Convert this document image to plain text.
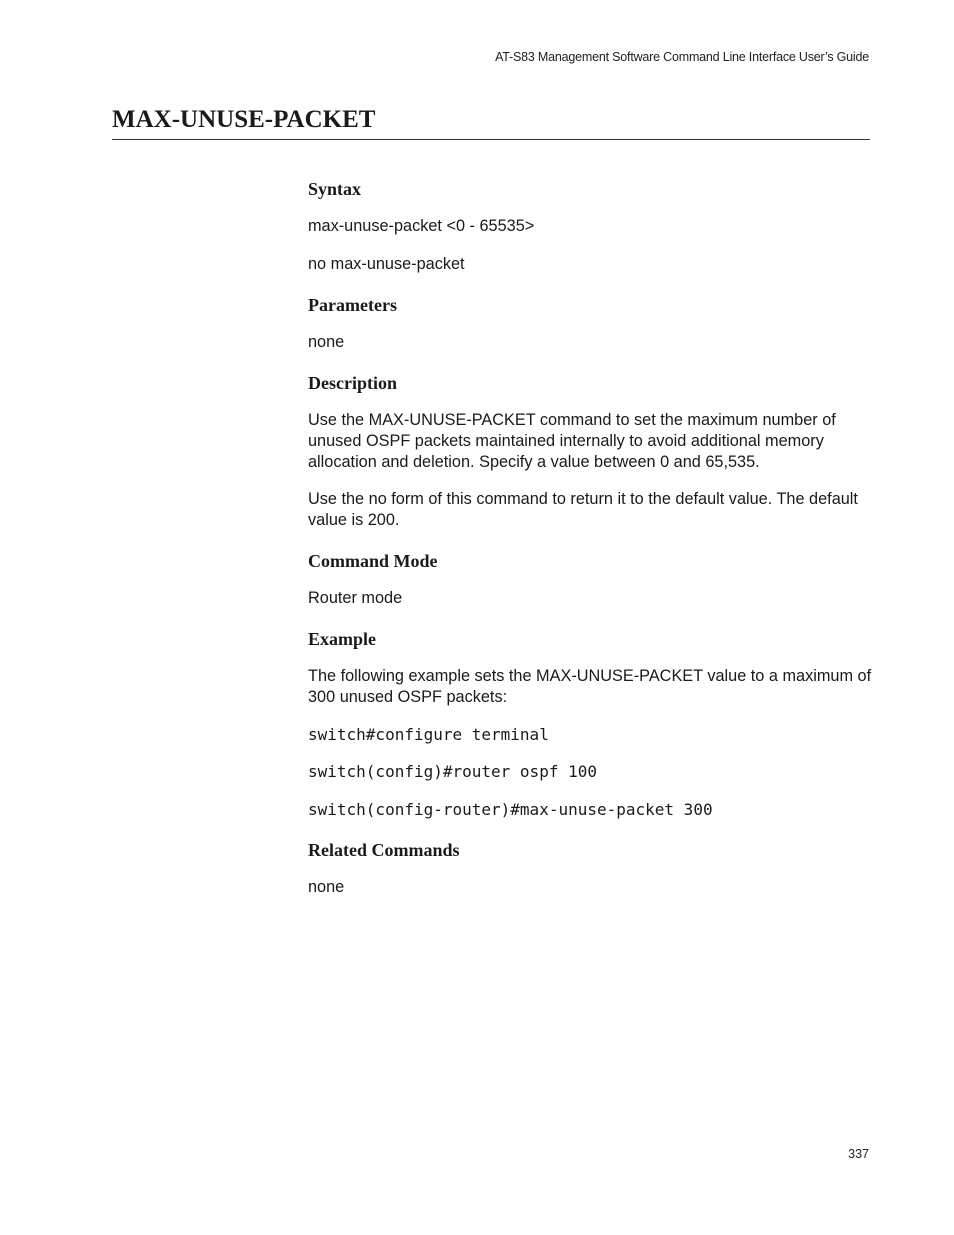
AT-S83 Management Software Command Line Interface User’s Guide
MAX-UNUSE-PACKET
Syntax

max-unuse-packet <0 - 65535>

no max-unuse-packet

Parameters

none

Description

Use the MAX-UNUSE-PACKET command to set the maximum number of unused OSPF packets maintained internally to avoid additional memory allocation and deletion. Specify a value between 0 and 65,535.

Use the no form of this command to return it to the default value. The default value is 200.

Command Mode

Router mode

Example

The following example sets the MAX-UNUSE-PACKET value to a maximum of 300 unused OSPF packets:

switch#configure terminal

switch(config)#router ospf 100

switch(config-router)#max-unuse-packet 300

Related Commands

none

337
